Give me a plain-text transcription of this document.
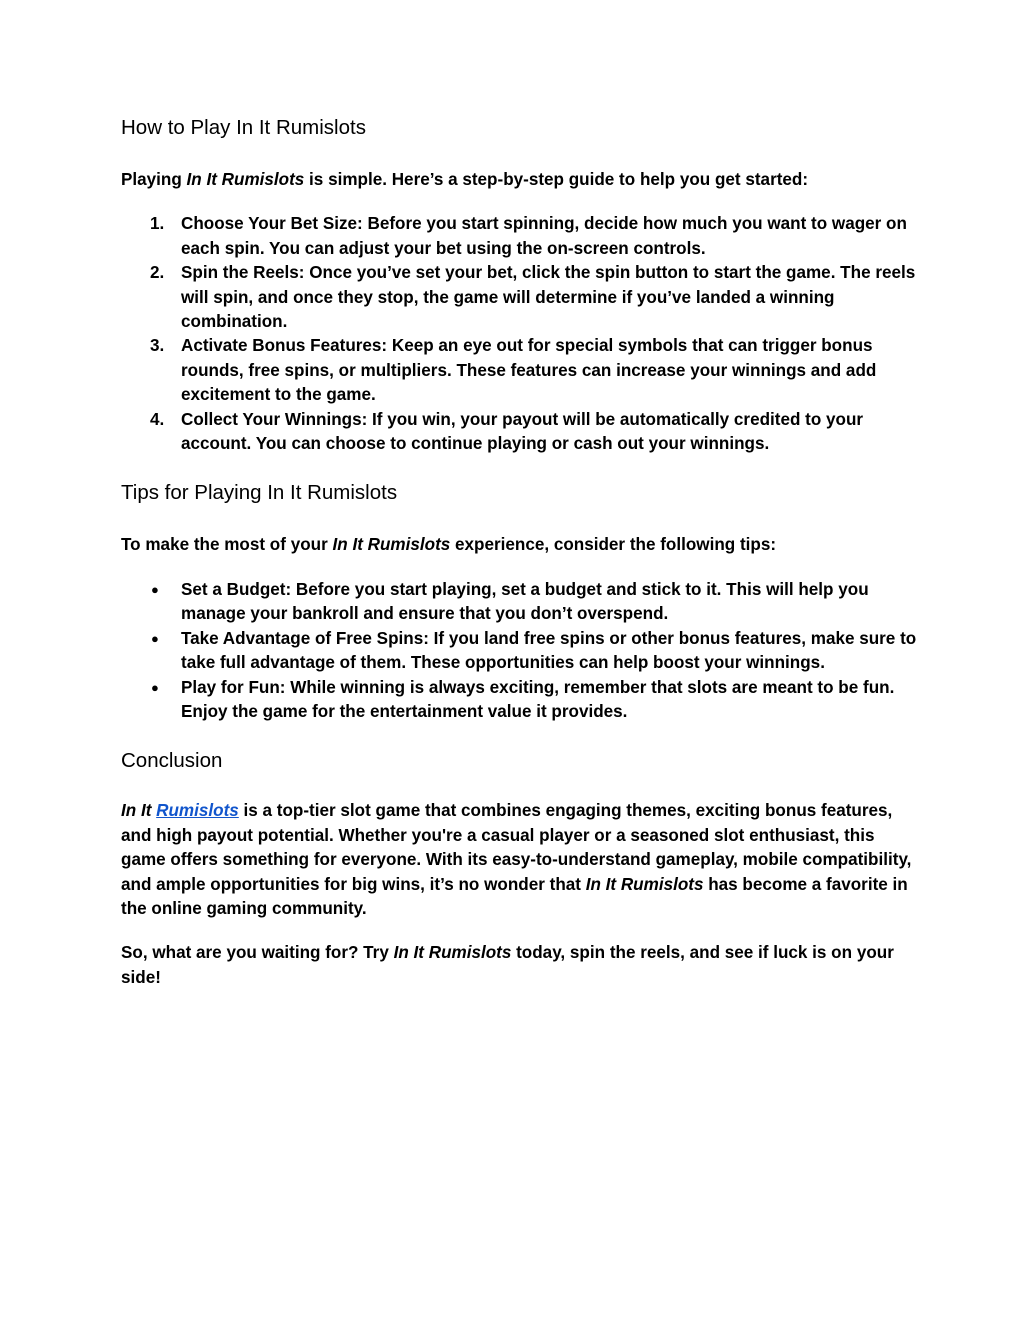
How to Play In It Rumislots

Playing In It Rumislots is simple. Here’s a step-by-step guide to help you get started:

1. Choose Your Bet Size: Before you start spinning, decide how much you want to wager on each spin. You can adjust your bet using the on-screen controls.
2. Spin the Reels: Once you’ve set your bet, click the spin button to start the game. The reels will spin, and once they stop, the game will determine if you’ve landed a winning combination.
3. Activate Bonus Features: Keep an eye out for special symbols that can trigger bonus rounds, free spins, or multipliers. These features can increase your winnings and add excitement to the game.
4. Collect Your Winnings: If you win, your payout will be automatically credited to your account. You can choose to continue playing or cash out your winnings.
Tips for Playing In It Rumislots

To make the most of your In It Rumislots experience, consider the following tips:

● Set a Budget: Before you start playing, set a budget and stick to it. This will help you manage your bankroll and ensure that you don’t overspend.
● Take Advantage of Free Spins: If you land free spins or other bonus features, make sure to take full advantage of them. These opportunities can help boost your winnings.
● Play for Fun: While winning is always exciting, remember that slots are meant to be fun. Enjoy the game for the entertainment value it provides.
Conclusion

In It Rumislots is a top-tier slot game that combines engaging themes, exciting bonus features, and high payout potential. Whether you're a casual player or a seasoned slot enthusiast, this game offers something for everyone. With its easy-to-understand gameplay, mobile compatibility, and ample opportunities for big wins, it’s no wonder that In It Rumislots has become a favorite in the online gaming community.

So, what are you waiting for? Try In It Rumislots today, spin the reels, and see if luck is on your side!
